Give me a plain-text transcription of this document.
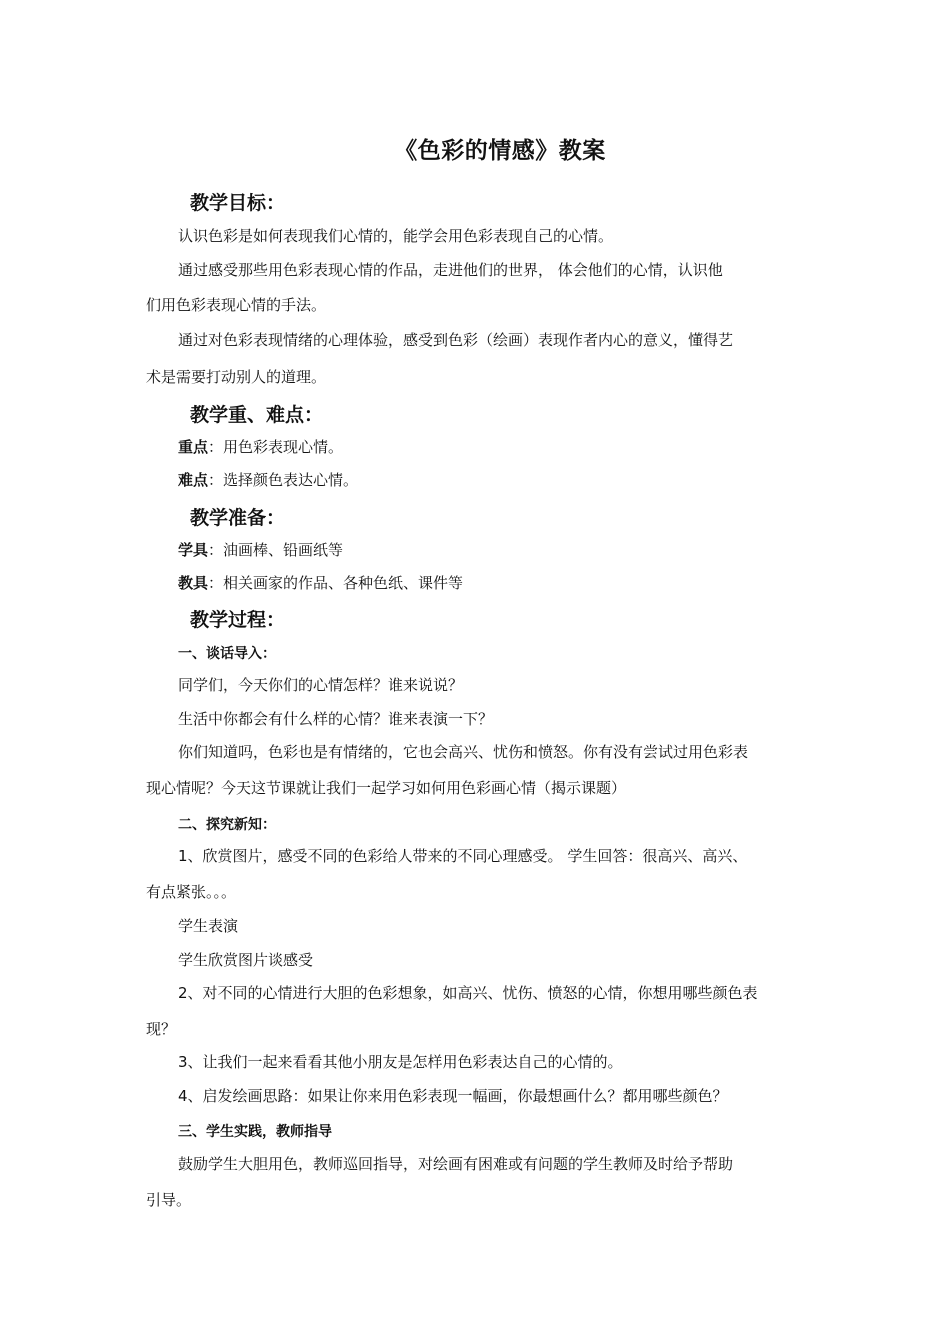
《色彩的情感》教案
教学目标：
认识色彩是如何表现我们心情的，能学会用色彩表现自己的心情。
通过感受那些用色彩表现心情的作品，走进他们的世界， 体会他们的心情，认识他
们用色彩表现心情的手法。
通过对色彩表现情绪的心理体验，感受到色彩（绘画）表现作者内心的意义，懂得艺
术是需要打动别人的道理。
教学重、难点：
重点：用色彩表现心情。
难点：选择颜色表达心情。
教学准备：
学具：油画棒、铅画纸等
教具：相关画家的作品、各种色纸、课件等
教学过程：
一、谈话导入：
同学们，今天你们的心情怎样？谁来说说？
生活中你都会有什么样的心情？谁来表演一下？
你们知道吗，色彩也是有情绪的，它也会高兴、忧伤和愤怒。你有没有尝试过用色彩表
现心情呢？今天这节课就让我们一起学习如何用色彩画心情（揭示课题）
二、探究新知：
1、欣赏图片，感受不同的色彩给人带来的不同心理感受。 学生回答：很高兴、高兴、
有点紧张。。。
学生表演
学生欣赏图片谈感受
2、对不同的心情进行大胆的色彩想象，如高兴、忧伤、愤怒的心情，你想用哪些颜色表
现？
3、让我们一起来看看其他小朋友是怎样用色彩表达自己的心情的。
4、启发绘画思路：如果让你来用色彩表现一幅画，你最想画什么？都用哪些颜色？
三、学生实践，教师指导
鼓励学生大胆用色，教师巡回指导，对绘画有困难或有问题的学生教师及时给予帮助
引导。
